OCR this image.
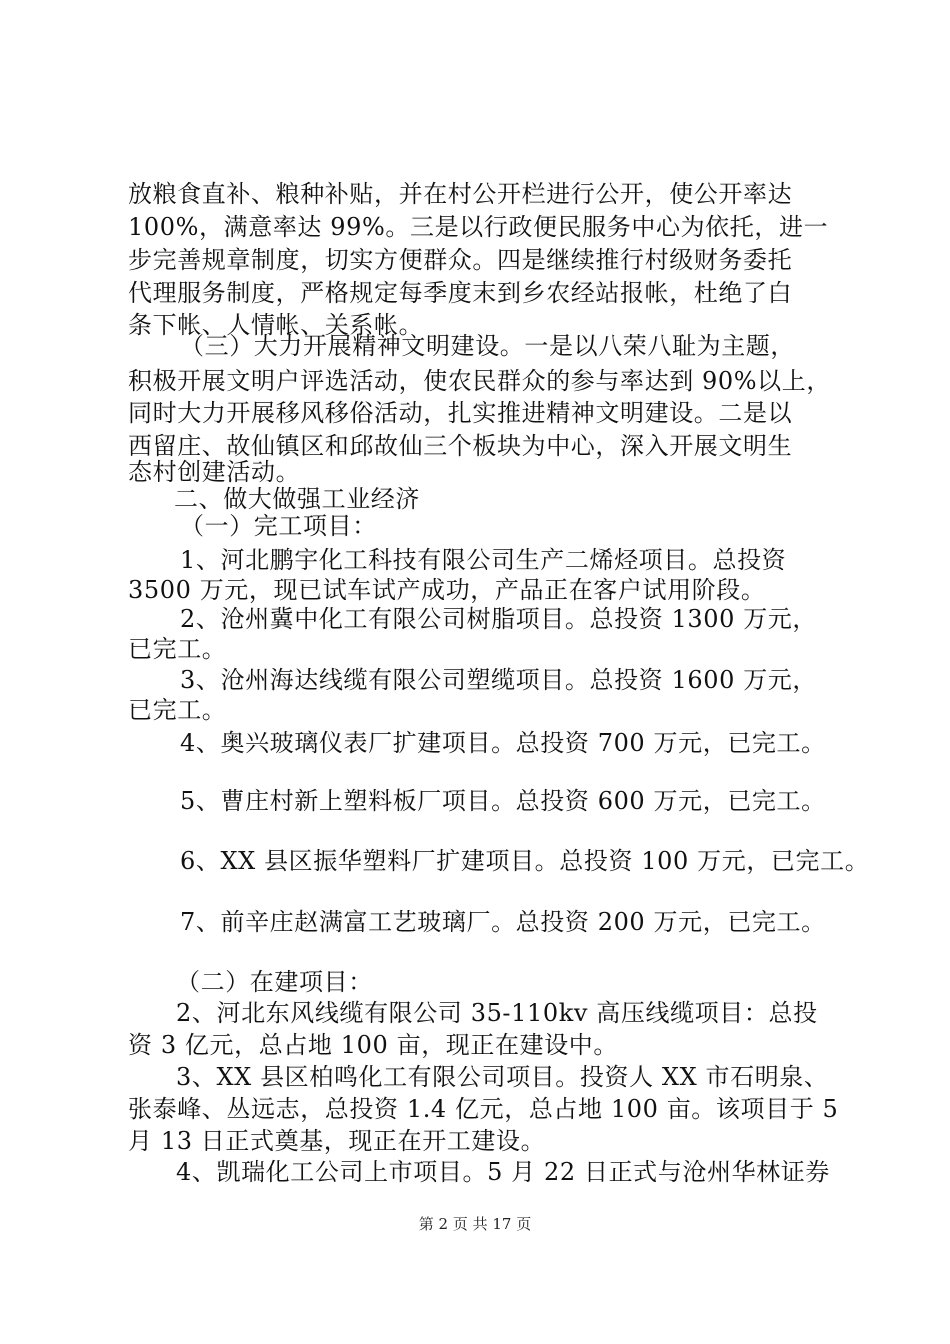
放粮食直补、粮种补贴，并在村公开栏进行公开，使公开率达
100%，满意率达 99%。三是以行政便民服务中心为依托，进一
步完善规章制度，切实方便群众。四是继续推行村级财务委托
代理服务制度，严格规定每季度末到乡农经站报帐，杜绝了白
条下帐、人情帐、关系帐。
（三）大力开展精神文明建设。一是以八荣八耻为主题，
积极开展文明户评选活动，使农民群众的参与率达到 90%以上，
同时大力开展移风移俗活动，扎实推进精神文明建设。二是以
西留庄、故仙镇区和邱故仙三个板块为中心，深入开展文明生
态村创建活动。
二、做大做强工业经济
（一）完工项目：
1、河北鹏宇化工科技有限公司生产二烯烃项目。总投资
3500 万元，现已试车试产成功，产品正在客户试用阶段。
2、沧州冀中化工有限公司树脂项目。总投资 1300 万元，
已完工。
3、沧州海达线缆有限公司塑缆项目。总投资 1600 万元，
已完工。
4、奥兴玻璃仪表厂扩建项目。总投资 700 万元，已完工。
5、曹庄村新上塑料板厂项目。总投资 600 万元，已完工。
6、XX 县区振华塑料厂扩建项目。总投资 100 万元，已完工。
7、前辛庄赵满富工艺玻璃厂。总投资 200 万元，已完工。
（二）在建项目：
2、河北东风线缆有限公司 35-110kv 高压线缆项目：总投
资 3 亿元，总占地 100 亩，现正在建设中。
3、XX 县区柏鸣化工有限公司项目。投资人 XX 市石明泉、
张泰峰、丛远志，总投资 1.4 亿元，总占地 100 亩。该项目于 5
月 13 日正式奠基，现正在开工建设。
4、凯瑞化工公司上市项目。5 月 22 日正式与沧州华林证券
第 2 页 共 17 页
